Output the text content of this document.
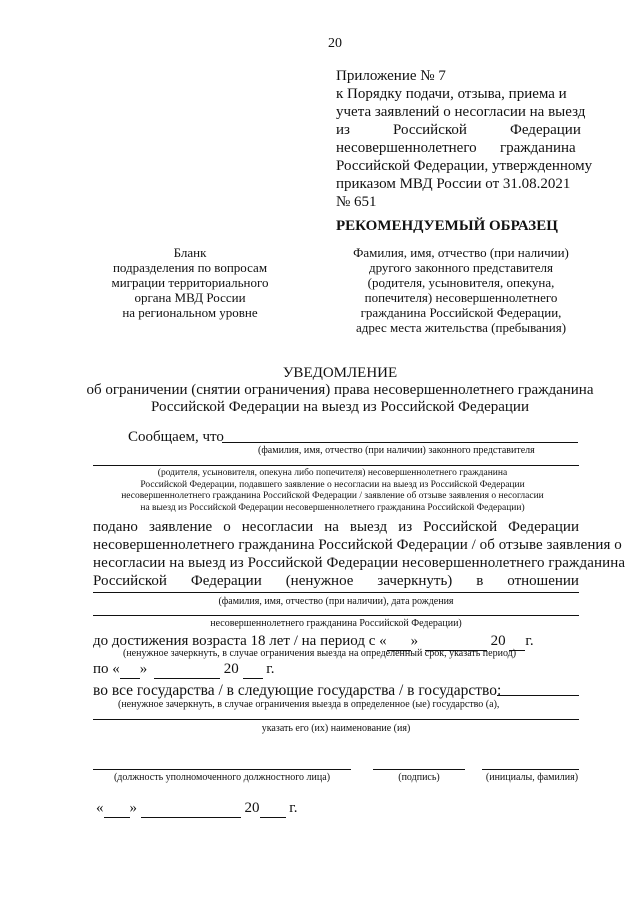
20
Приложение № 7
к Порядку подачи, отзыва, приема и
учета заявлений о несогласии на выезд
из	Российской	Федерации
несовершеннолетнего гражданина
Российской Федерации, утвержденному
приказом МВД России от 31.08.2021
№ 651
РЕКОМЕНДУЕМЫЙ ОБРАЗЕЦ
Бланк
подразделения по вопросам
миграции территориального
органа МВД России
на региональном уровне
Фамилия, имя, отчество (при наличии)
другого законного представителя
(родителя, усыновителя, опекуна,
попечителя) несовершеннолетнего
гражданина Российской Федерации,
адрес места жительства (пребывания)
УВЕДОМЛЕНИЕ
об ограничении (снятии ограничения) права несовершеннолетнего гражданина
Российской Федерации на выезд из Российской Федерации
Сообщаем, что
(фамилия, имя, отчество (при наличии) законного представителя
(родителя, усыновителя, опекуна либо попечителя) несовершеннолетнего гражданина
Российской Федерации, подавшего заявление о несогласии на выезд из Российской Федерации
несовершеннолетнего гражданина Российской Федерации / заявление об отзыве заявления о несогласии
на выезд из Российской Федерации несовершеннолетнего гражданина Российской Федерации)
подано заявление о несогласии на выезд из Российской Федерации
несовершеннолетнего гражданина Российской Федерации / об отзыве заявления о
несогласии на выезд из Российской Федерации несовершеннолетнего гражданина
Российской Федерации (ненужное зачеркнуть) в отношении
(фамилия, имя, отчество (при наличии), дата рождения
несовершеннолетнего гражданина Российской Федерации)
до достижения возраста 18 лет / на период с « »	20 г.
(ненужное зачеркнуть, в случае ограничения выезда на определенный срок, указать период)
по « »	20 г.
во все государства / в следующие государства / в государство:
(ненужное зачеркнуть, в случае ограничения выезда в определенное (ые) государство (а),
указать его (их) наименование (ия)
(должность уполномоченного должностного лица)	(подпись)	(инициалы, фамилия)
« »	20 г.
